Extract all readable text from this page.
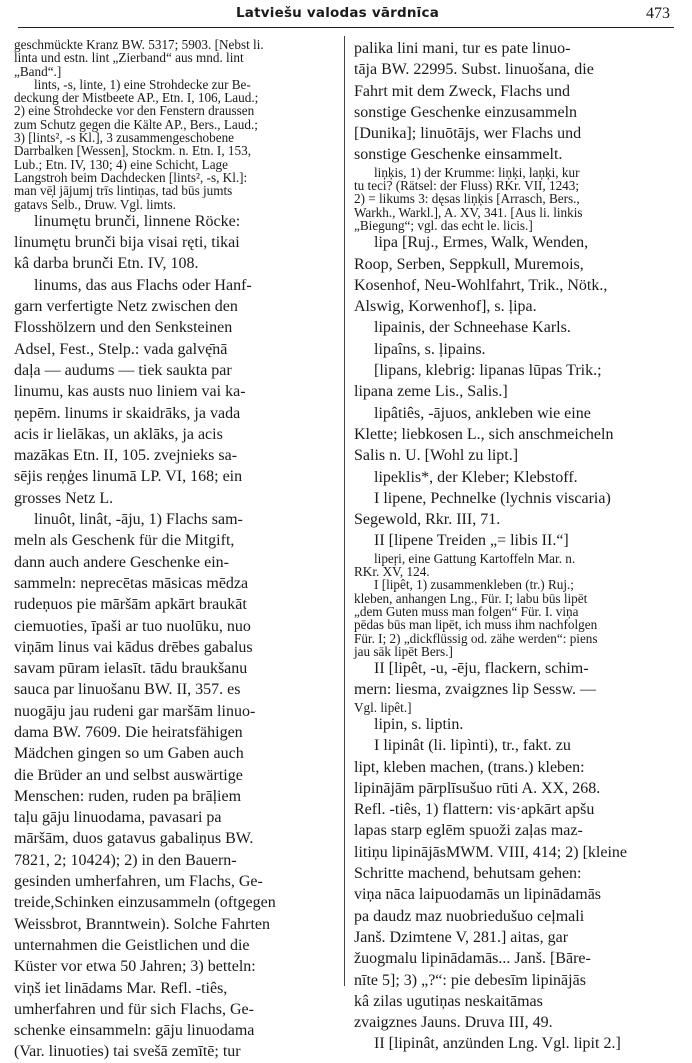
Latviešu valodas vārdnīca	473
geschmückte Kranz BW. 5317; 5903. [Nebst li.
linta und estn. lint „Zierband“ aus mnd. lint
„Band“.]
lints, -s, linte, 1) eine Strohdecke zur Be-
deckung der Mistbeete AP., Etn. I, 106, Laud.;
2) eine Strohdecke vor den Fenstern draussen
zum Schutz gegen die Kälte AP., Bers., Laud.;
3) [lints², -s Kl.], 3 zusammengeschobene
Darrbalken [Wessen], Stockm. n. Etn. I, 153,
Lub.; Etn. IV, 130; 4) eine Schicht, Lage
Langstroh beim Dachdecken [lints², -s, Kl.]:
man vē̦l jājumj trīs lintiņas, tad būs jumts
gatavs Selb., Druw. Vgl. limts.
linumętu brunči, linnene Röcke:
linumętu brunči bija visai ręti, tikai
kâ darba brunči Etn. IV, 108.
linums, das aus Flachs oder Hanf-
garn verfertigte Netz zwischen den
Flosshölzern und den Senksteinen
Adsel, Fest., Stelp.: vada galvę̄nā
daļa — audums — tiek saukta par
linumu, kas austs nuo liniem vai ka-
ņepēm. linums ir skaidrāks, ja vada
acis ir lielākas, un aklāks, ja acis
mazākas Etn. II, 105. zvejnieks sa-
sējis reņģes linumā LP. VI, 168; ein
grosses Netz L.
linuôt, linât, -āju, 1) Flachs sam-
meln als Geschenk für die Mitgift,
dann auch andere Geschenke ein-
sammeln: neprecētas māsicas mēdza
rudeņuos pie māršām apkārt braukāt
ciemuoties, īpaši ar tuo nuolūku, nuo
viņām linus vai kādus drēbes gabalus
savam pūram ielasīt. tādu braukšanu
sauca par linuošanu BW. II, 357. es
nuogāju jau rudeni gar maršām linuo-
dama BW. 7609. Die heiratsfähigen
Mädchen gingen so um Gaben auch
die Brüder an und selbst auswärtige
Menschen: ruden, ruden pa brāļiem
taļu gāju linuodama, pavasari pa
māršām, duos gatavus gabaliņus BW.
7821, 2; 10424); 2) in den Bauern-
gesinden umherfahren, um Flachs, Ge-
treide,Schinken einzusammeln (oftgegen
Weissbrot, Branntwein). Solche Fahrten
unternahmen die Geistlichen und die
Küster vor etwa 50 Jahren; 3) betteln:
viņš iet linādams Mar. Refl. -tiês,
umherfahren und für sich Flachs, Ge-
schenke einsammeln: gāju linuodama
(Var. linuoties) tai svešā zemītē; tur
palika lini mani, tur es pate linuo-
tāja BW. 22995. Subst. linuošana, die
Fahrt mit dem Zweck, Flachs und
sonstige Geschenke einzusammeln
[Dunika]; linuōtājs, wer Flachs und
sonstige Geschenke einsammelt.
liņķis, 1) der Krumme: liņķi, laņķi, kur
tu teci? (Rätsel: der Fluss) RKr. VII, 1243;
2) = likums 3: dęsas liņķis [Arrasch, Bers.,
Warkh., Warkl.], A. XV, 341. [Aus li. linkis
„Biegung“; vgl. das echt le. licis.]
lipa [Ruj., Ermes, Walk, Wenden,
Roop, Serben, Seppkull, Muremois,
Kosenhof, Neu-Wohlfahrt, Trik., Nötk.,
Alswig, Korwenhof], s. ļipa.
lipainis, der Schneehase Karls.
lipaîns, s. ļipains.
[lipans, klebrig: lipanas lūpas Trik.;
lipana zeme Lis., Salis.]
lipâtiês, -ājuos, ankleben wie eine
Klette; liebkosen L., sich anschmeicheln
Salis n. U. [Wohl zu lipt.]
lipeklis*, der Kleber; Klebstoff.
I lipene, Pechnelke (lychnis viscaria)
Segewold, Rkr. III, 71.
II [lipene Treiden „= libis II.“]
lipeŗi, eine Gattung Kartoffeln Mar. n.
RKr. XV, 124.
I [lipêt, 1) zusammenkleben (tr.) Ruj.;
kleben, anhangen Lng., Für. I; labu būs lipēt
„dem Guten muss man folgen“ Für. I. viņa
pēdas būs man lipēt, ich muss ihm nachfolgen
Für. I; 2) „dickflüssig od. zähe werden“: piens
jau sāk lipēt Bers.]
II [lipêt, -u, -ēju, flackern, schim-
mern: liesma, zvaigznes lip Sessw. —
Vgl. lipêt.]
lipin, s. liptin.
I lipinât (li. lipìnti), tr., fakt. zu
lipt, kleben machen, (trans.) kleben:
lipinājām pārplīsušuo rūti A. XX, 268.
Refl. -tiês, 1) flattern: vis·apkārt apšu
lapas starp eglēm spuoži zaļas maz-
litiņu lipinājāsMWM. VIII, 414; 2) [kleine
Schritte machend, behutsam gehen:
viņa nāca laipuodamās un lipinādamās
pa daudz maz nuobriedušuo ceļmali
Janš. Dzimtene V, 281.] aitas, gar
žuogmalu lipinādamās... Janš. [Bāre-
nīte 5]; 3) „?“: pie debesīm lipinājās
kâ zilas ugutiņas neskaitāmas
zvaigznes Jauns. Druva III, 49.
II [lipinât, anzünden Lng. Vgl. lipit 2.]
